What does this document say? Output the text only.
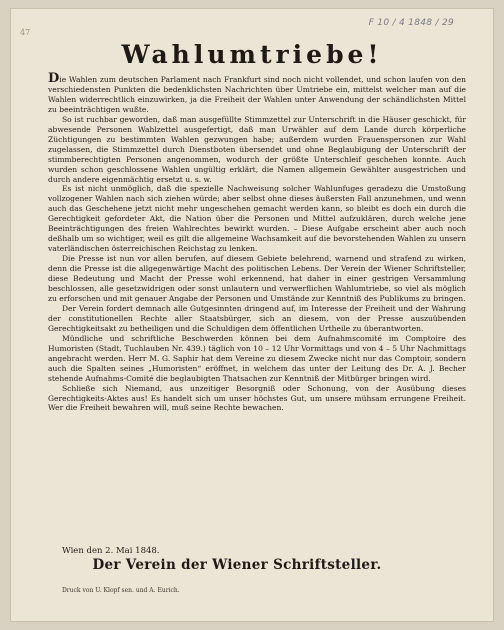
47
F 10 / 4 1848 / 29
Wahlumtriebe!

Die Wahlen zum deutschen Parlament nach Frankfurt sind noch nicht vollendet, und schon laufen von den verschiedensten Punkten die bedenklichsten Nachrichten über Umtriebe ein, mittelst welcher man auf die Wahlen widerrechtlich einzuwirken, ja die Freiheit der Wahlen unter Anwendung der schändlichsten Mittel zu beeinträchtigen wußte.

So ist ruchbar geworden, daß man ausgefüllte Stimmzettel zur Unterschrift in die Häuser geschickt, für abwesende Personen Wahlzettel ausgefertigt, daß man Urwähler auf dem Lande durch körperliche Züchtigungen zu bestimmten Wahlen gezwungen habe; außerdem wurden Frauenspersonen zur Wahl zugelassen, die Stimmzettel durch Dienstboten übersendet und ohne Beglaubigung der Unterschrift der stimmberechtigten Personen angenommen, wodurch der größte Unterschleif geschehen konnte. Auch wurden schon geschlossene Wahlen ungültig erklärt, die Namen allgemein Gewählter ausgestrichen und durch andere eigenmächtig ersetzt u. s. w.

Es ist nicht unmöglich, daß die spezielle Nachweisung solcher Wahlunfuges geradezu die Umstoßung vollzogener Wahlen nach sich ziehen würde; aber selbst ohne dieses äußersten Fall anzunehmen, und wenn auch das Geschehene jetzt nicht mehr ungeschehen gemacht werden kann, so bleibt es doch ein durch die Gerechtigkeit gefordeter Akt, die Nation über die Personen und Mittel aufzuklären, durch welche jene Beeinträchtigungen des freien Wahlrechtes bewirkt wurden. – Diese Aufgabe erscheint aber auch noch deßhalb um so wichtiger, weil es gilt die allgemeine Wachsamkeit auf die bevorstehenden Wahlen zu unsern vaterländischen österreichischen Reichstag zu lenken.

Die Presse ist nun vor allen berufen, auf diesem Gebiete belehrend, warnend und strafend zu wirken, denn die Presse ist die allgegenwärtige Macht des politischen Lebens. Der Verein der Wiener Schriftsteller, diese Bedeutung und Macht der Presse wohl erkennend, hat daher in einer gestrigen Versammlung beschlossen, alle gesetzwidrigen oder sonst unlautern und verwerflichen Wahlumtriebe, so viel als möglich zu erforschen und mit genauer Angabe der Personen und Umstände zur Kenntniß des Publikums zu bringen.

Der Verein fordert demnach alle Gutgesinnten dringend auf, im Interesse der Freiheit und der Wahrung der constitutionellen Rechte aller Staatsbürger, sich an diesem, von der Presse auszuübenden Gerechtigkeitsakt zu betheiligen und die Schuldigen dem öffentlichen Urtheile zu überantworten.

Mündliche und schriftliche Beschwerden können bei dem Aufnahmscomité im Comptoire des Humoristen (Stadt, Tuchlauben Nr. 439.) täglich von 10 – 12 Uhr Vormittags und von 4 – 5 Uhr Nachmittags angebracht werden. Herr M. G. Saphir hat dem Vereine zu diesem Zwecke nicht nur das Comptoir, sondern auch die Spalten seines „Humoristen“ eröffnet, in welchem das unter der Leitung des Dr. A. J. Becher stehende Aufnahms-Comité die beglaubigten Thatsachen zur Kenntniß der Mitbürger bringen wird.

Schließe sich Niemand, aus unzeitiger Besorgniß oder Schonung, von der Ausübung dieses Gerechtigkeits-Aktes aus! Es handelt sich um unser höchstes Gut, um unsere mühsam errungene Freiheit. Wer die Freiheit bewahren will, muß seine Rechte bewachen.

Wien den 2. Mai 1848.
Der Verein der Wiener Schriftsteller.
Druck von U. Klopf sen. und A. Eurich.
